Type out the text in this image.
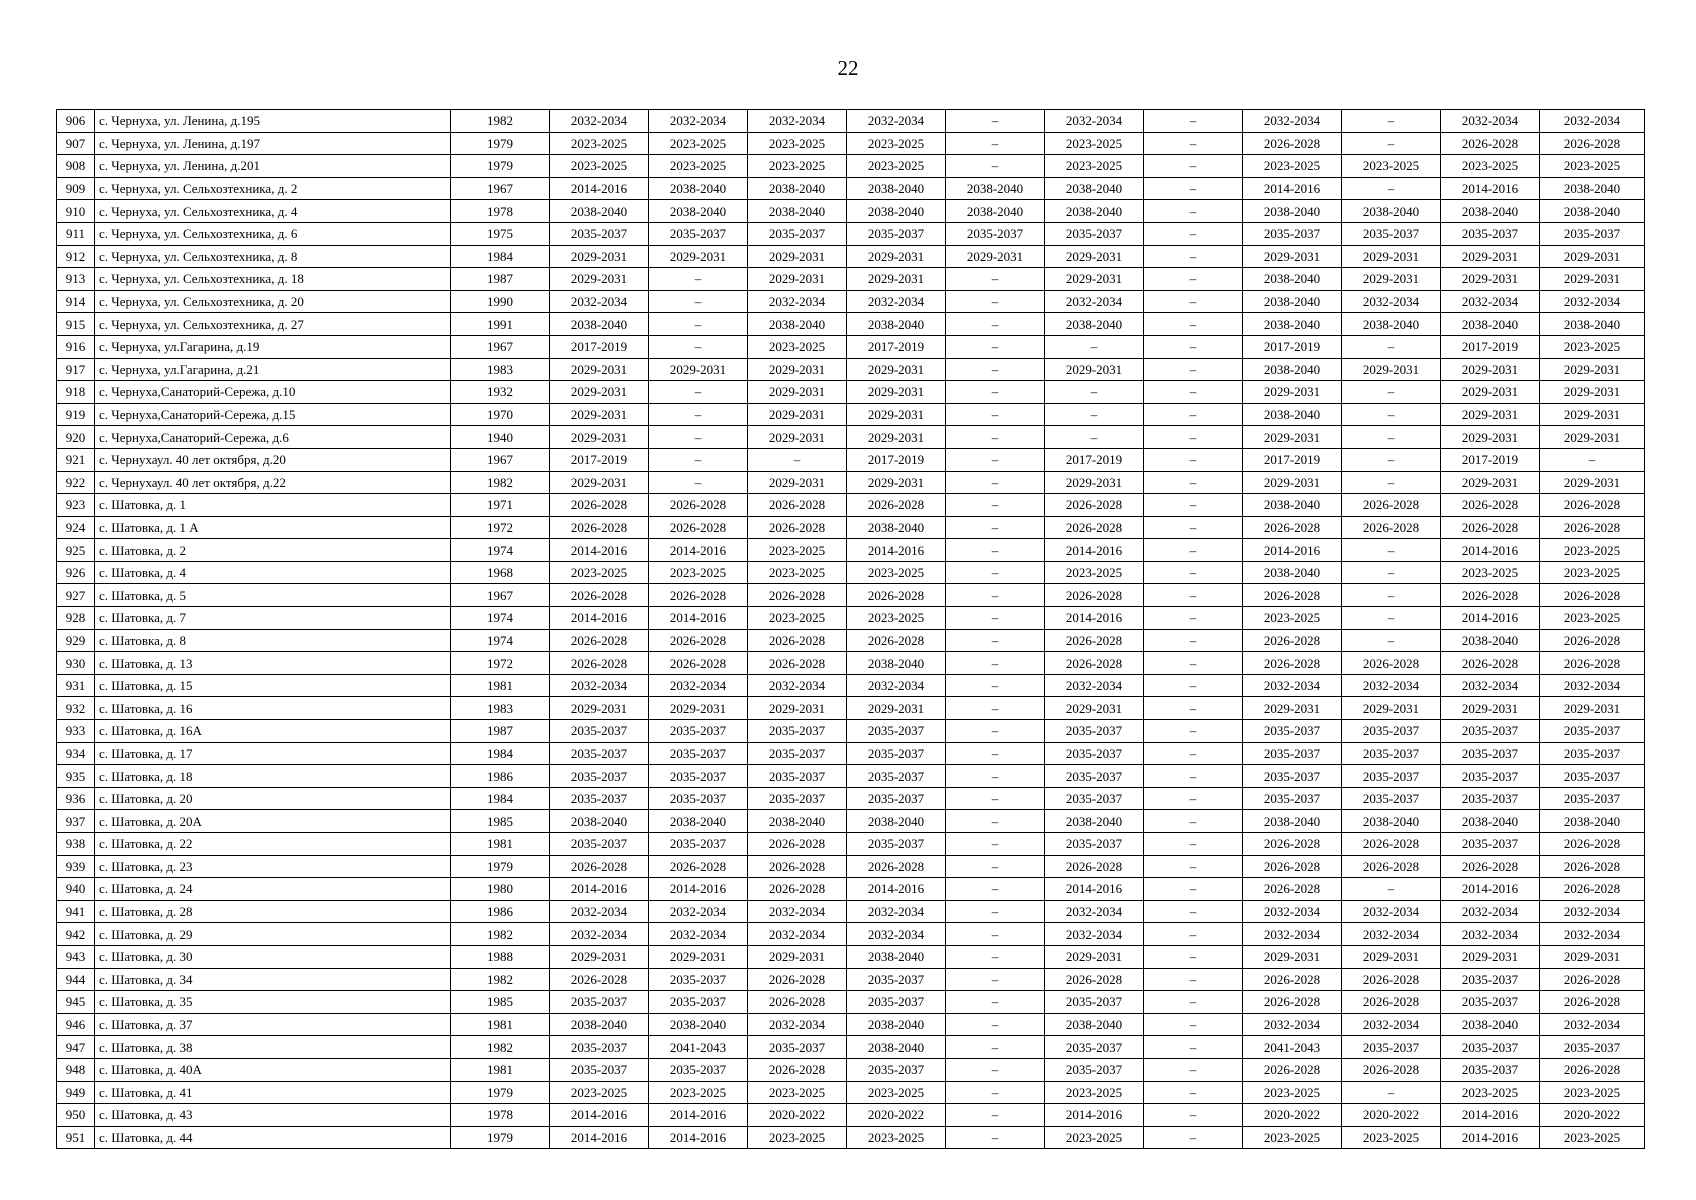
22
906	с. Чернуха, ул. Ленина, д.195	1982	2032-2034	2032-2034	2032-2034	2032-2034	–	2032-2034	–	2032-2034	–	2032-2034	2032-2034
907	с. Чернуха, ул. Ленина, д.197	1979	2023-2025	2023-2025	2023-2025	2023-2025	–	2023-2025	–	2026-2028	–	2026-2028	2026-2028
908	с. Чернуха, ул. Ленина, д.201	1979	2023-2025	2023-2025	2023-2025	2023-2025	–	2023-2025	–	2023-2025	2023-2025	2023-2025	2023-2025
909	с. Чернуха, ул. Сельхозтехника, д. 2	1967	2014-2016	2038-2040	2038-2040	2038-2040	2038-2040	2038-2040	–	2014-2016	–	2014-2016	2038-2040
910	с. Чернуха, ул. Сельхозтехника, д. 4	1978	2038-2040	2038-2040	2038-2040	2038-2040	2038-2040	2038-2040	–	2038-2040	2038-2040	2038-2040	2038-2040
911	с. Чернуха, ул. Сельхозтехника, д. 6	1975	2035-2037	2035-2037	2035-2037	2035-2037	2035-2037	2035-2037	–	2035-2037	2035-2037	2035-2037	2035-2037
912	с. Чернуха, ул. Сельхозтехника, д. 8	1984	2029-2031	2029-2031	2029-2031	2029-2031	2029-2031	2029-2031	–	2029-2031	2029-2031	2029-2031	2029-2031
913	с. Чернуха, ул. Сельхозтехника, д. 18	1987	2029-2031	–	2029-2031	2029-2031	–	2029-2031	–	2038-2040	2029-2031	2029-2031	2029-2031
914	с. Чернуха, ул. Сельхозтехника, д. 20	1990	2032-2034	–	2032-2034	2032-2034	–	2032-2034	–	2038-2040	2032-2034	2032-2034	2032-2034
915	с. Чернуха, ул. Сельхозтехника, д. 27	1991	2038-2040	–	2038-2040	2038-2040	–	2038-2040	–	2038-2040	2038-2040	2038-2040	2038-2040
916	с. Чернуха, ул.Гагарина, д.19	1967	2017-2019	–	2023-2025	2017-2019	–	–	–	2017-2019	–	2017-2019	2023-2025
917	с. Чернуха, ул.Гагарина, д.21	1983	2029-2031	2029-2031	2029-2031	2029-2031	–	2029-2031	–	2038-2040	2029-2031	2029-2031	2029-2031
918	с. Чернуха,Санаторий-Сережа, д.10	1932	2029-2031	–	2029-2031	2029-2031	–	–	–	2029-2031	–	2029-2031	2029-2031
919	с. Чернуха,Санаторий-Сережа, д.15	1970	2029-2031	–	2029-2031	2029-2031	–	–	–	2038-2040	–	2029-2031	2029-2031
920	с. Чернуха,Санаторий-Сережа, д.6	1940	2029-2031	–	2029-2031	2029-2031	–	–	–	2029-2031	–	2029-2031	2029-2031
921	с. Чернухаул. 40 лет октября, д.20	1967	2017-2019	–	–	2017-2019	–	2017-2019	–	2017-2019	–	2017-2019	–
922	с. Чернухаул. 40 лет октября, д.22	1982	2029-2031	–	2029-2031	2029-2031	–	2029-2031	–	2029-2031	–	2029-2031	2029-2031
923	с. Шатовка, д. 1	1971	2026-2028	2026-2028	2026-2028	2026-2028	–	2026-2028	–	2038-2040	2026-2028	2026-2028	2026-2028
924	с. Шатовка, д. 1 А	1972	2026-2028	2026-2028	2026-2028	2038-2040	–	2026-2028	–	2026-2028	2026-2028	2026-2028	2026-2028
925	с. Шатовка, д. 2	1974	2014-2016	2014-2016	2023-2025	2014-2016	–	2014-2016	–	2014-2016	–	2014-2016	2023-2025
926	с. Шатовка, д. 4	1968	2023-2025	2023-2025	2023-2025	2023-2025	–	2023-2025	–	2038-2040	–	2023-2025	2023-2025
927	с. Шатовка, д. 5	1967	2026-2028	2026-2028	2026-2028	2026-2028	–	2026-2028	–	2026-2028	–	2026-2028	2026-2028
928	с. Шатовка, д. 7	1974	2014-2016	2014-2016	2023-2025	2023-2025	–	2014-2016	–	2023-2025	–	2014-2016	2023-2025
929	с. Шатовка, д. 8	1974	2026-2028	2026-2028	2026-2028	2026-2028	–	2026-2028	–	2026-2028	–	2038-2040	2026-2028
930	с. Шатовка, д. 13	1972	2026-2028	2026-2028	2026-2028	2038-2040	–	2026-2028	–	2026-2028	2026-2028	2026-2028	2026-2028
931	с. Шатовка, д. 15	1981	2032-2034	2032-2034	2032-2034	2032-2034	–	2032-2034	–	2032-2034	2032-2034	2032-2034	2032-2034
932	с. Шатовка, д. 16	1983	2029-2031	2029-2031	2029-2031	2029-2031	–	2029-2031	–	2029-2031	2029-2031	2029-2031	2029-2031
933	с. Шатовка, д. 16А	1987	2035-2037	2035-2037	2035-2037	2035-2037	–	2035-2037	–	2035-2037	2035-2037	2035-2037	2035-2037
934	с. Шатовка, д. 17	1984	2035-2037	2035-2037	2035-2037	2035-2037	–	2035-2037	–	2035-2037	2035-2037	2035-2037	2035-2037
935	с. Шатовка, д. 18	1986	2035-2037	2035-2037	2035-2037	2035-2037	–	2035-2037	–	2035-2037	2035-2037	2035-2037	2035-2037
936	с. Шатовка, д. 20	1984	2035-2037	2035-2037	2035-2037	2035-2037	–	2035-2037	–	2035-2037	2035-2037	2035-2037	2035-2037
937	с. Шатовка, д. 20А	1985	2038-2040	2038-2040	2038-2040	2038-2040	–	2038-2040	–	2038-2040	2038-2040	2038-2040	2038-2040
938	с. Шатовка, д. 22	1981	2035-2037	2035-2037	2026-2028	2035-2037	–	2035-2037	–	2026-2028	2026-2028	2035-2037	2026-2028
939	с. Шатовка, д. 23	1979	2026-2028	2026-2028	2026-2028	2026-2028	–	2026-2028	–	2026-2028	2026-2028	2026-2028	2026-2028
940	с. Шатовка, д. 24	1980	2014-2016	2014-2016	2026-2028	2014-2016	–	2014-2016	–	2026-2028	–	2014-2016	2026-2028
941	с. Шатовка, д. 28	1986	2032-2034	2032-2034	2032-2034	2032-2034	–	2032-2034	–	2032-2034	2032-2034	2032-2034	2032-2034
942	с. Шатовка, д. 29	1982	2032-2034	2032-2034	2032-2034	2032-2034	–	2032-2034	–	2032-2034	2032-2034	2032-2034	2032-2034
943	с. Шатовка, д. 30	1988	2029-2031	2029-2031	2029-2031	2038-2040	–	2029-2031	–	2029-2031	2029-2031	2029-2031	2029-2031
944	с. Шатовка, д. 34	1982	2026-2028	2035-2037	2026-2028	2035-2037	–	2026-2028	–	2026-2028	2026-2028	2035-2037	2026-2028
945	с. Шатовка, д. 35	1985	2035-2037	2035-2037	2026-2028	2035-2037	–	2035-2037	–	2026-2028	2026-2028	2035-2037	2026-2028
946	с. Шатовка, д. 37	1981	2038-2040	2038-2040	2032-2034	2038-2040	–	2038-2040	–	2032-2034	2032-2034	2038-2040	2032-2034
947	с. Шатовка, д. 38	1982	2035-2037	2041-2043	2035-2037	2038-2040	–	2035-2037	–	2041-2043	2035-2037	2035-2037	2035-2037
948	с. Шатовка, д. 40А	1981	2035-2037	2035-2037	2026-2028	2035-2037	–	2035-2037	–	2026-2028	2026-2028	2035-2037	2026-2028
949	с. Шатовка, д. 41	1979	2023-2025	2023-2025	2023-2025	2023-2025	–	2023-2025	–	2023-2025	–	2023-2025	2023-2025
950	с. Шатовка, д. 43	1978	2014-2016	2014-2016	2020-2022	2020-2022	–	2014-2016	–	2020-2022	2020-2022	2014-2016	2020-2022
951	с. Шатовка, д. 44	1979	2014-2016	2014-2016	2023-2025	2023-2025	–	2023-2025	–	2023-2025	2023-2025	2014-2016	2023-2025
